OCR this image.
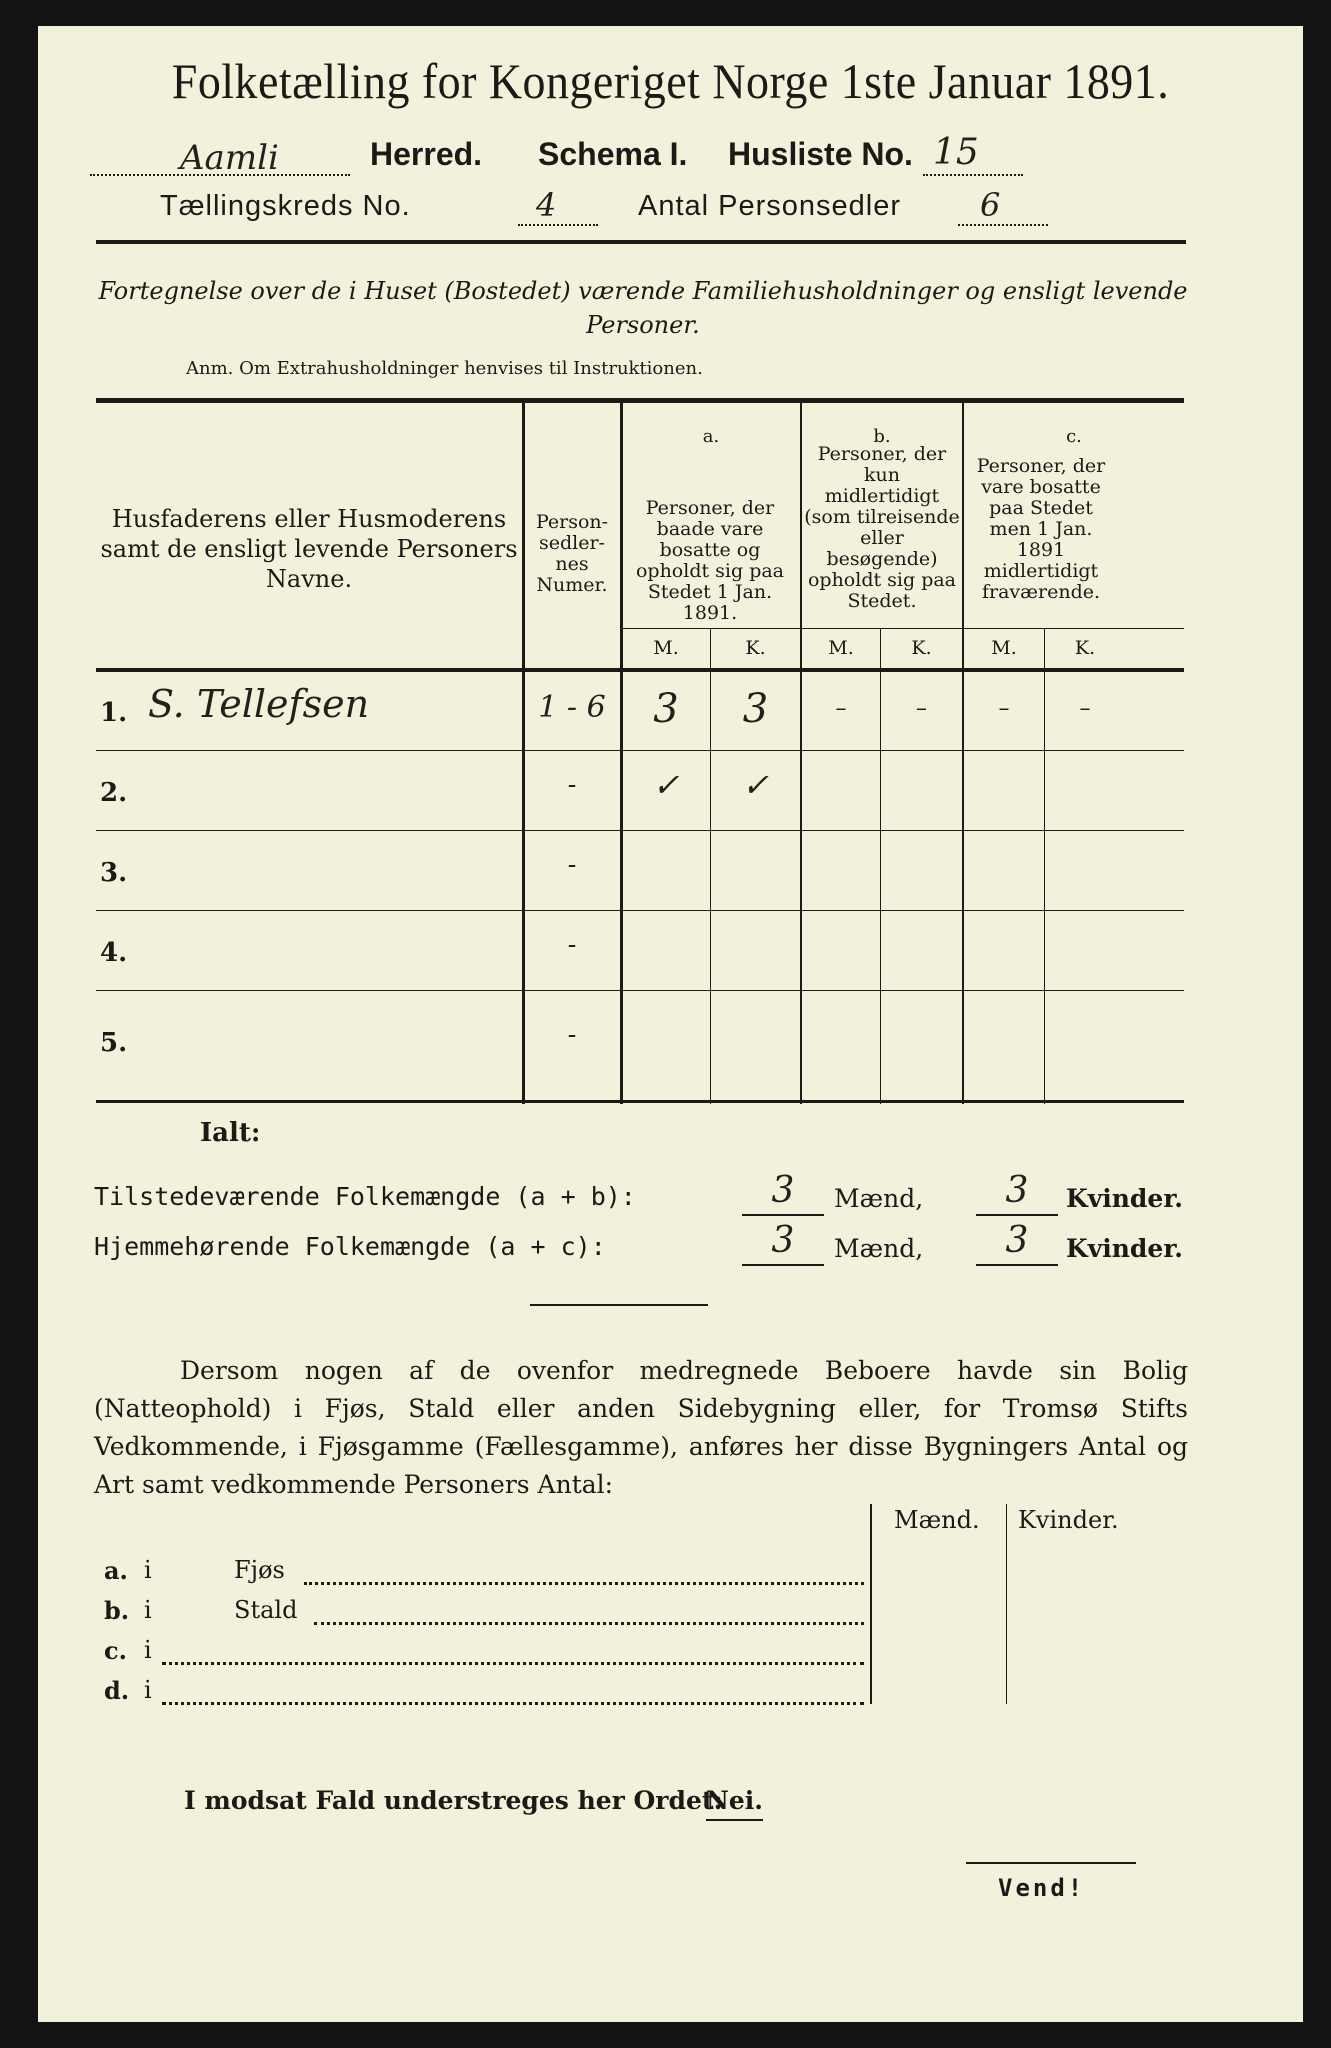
Folketælling for Kongeriget Norge 1ste Januar 1891.
Aamli	Herred. Schema I. Husliste No. 15
Tællingskreds No.	4	Antal Personsedler 6
Fortegnelse over de i Huset (Bostedet) værende Familiehusholdninger og ensligt levende Personer.
Anm. Om Extrahusholdninger henvises til Instruktionen.
Husfaderens eller Husmoderens samt de ensligt levende Personers Navne.
Person-sedler-nes Numer.
a.
Personer, der baade vare bosatte og opholdt sig paa Stedet 1 Jan. 1891.
b.
Personer, der kun midlertidigt (som tilreisende eller besøgende) opholdt sig paa Stedet.
c.
Personer, der vare bosatte paa Stedet men 1 Jan. 1891 midlertidigt fraværende.
M.	K.	M.	K.	M.	K.
1. S. Tellefsen	1 - 6	3	3	–	–	–	–
2.	-	✓	✓
3.	-
4.	-
5.	-
Ialt:
Tilstedeværende Folkemængde (a + b):	3	Mænd,	3	Kvinder.
Hjemmehørende Folkemængde (a + c):	3	Mænd,	3	Kvinder.
Dersom nogen af de ovenfor medregnede Beboere havde sin Bolig (Natteophold) i Fjøs, Stald eller anden Sidebygning eller, for Tromsø Stifts Vedkommende, i Fjøsgamme (Fællesgamme), anføres her disse Bygningers Antal og Art samt vedkommende Personers Antal:
Mænd. Kvinder.
a. i	Fjøs
b. i	Stald
c. i
d. i
I modsat Fald understreges her Ordet:
Nei.
Vend!
